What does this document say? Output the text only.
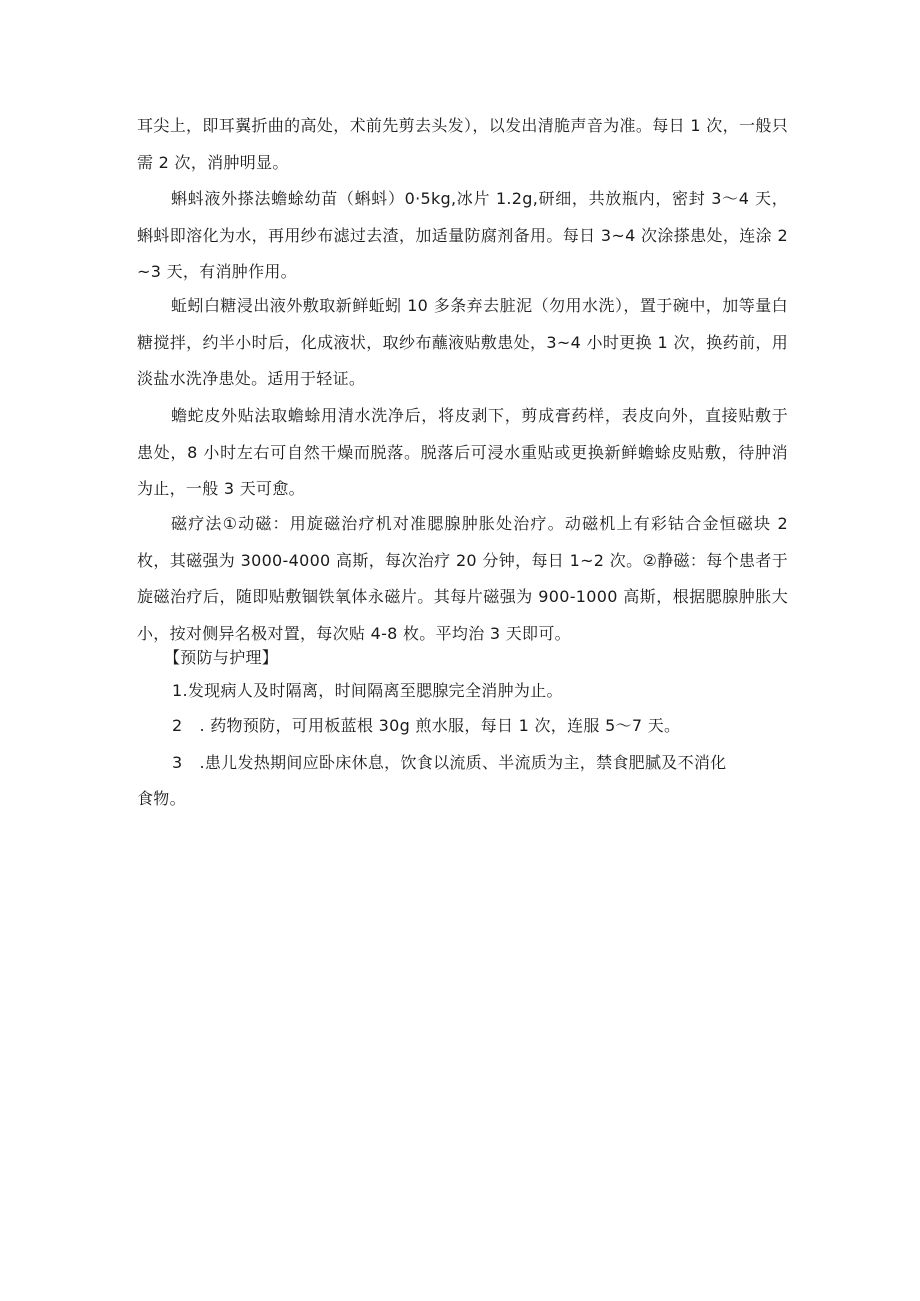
耳尖上，即耳翼折曲的高处，术前先剪去头发），以发出清脆声音为准。每日 1 次，一般只需 2 次，消肿明显。

蝌蚪液外搽法蟾蜍幼苗（蝌蚪）0·5kg,冰片 1.2g,研细，共放瓶内，密封 3～4 天，蝌蚪即溶化为水，再用纱布滤过去渣，加适量防腐剂备用。每日 3~4 次涂搽患处，连涂 2~3 天，有消肿作用。

蚯蚓白糖浸出液外敷取新鲜蚯蚓 10 多条弃去脏泥（勿用水洗），置于碗中，加等量白糖搅拌，约半小时后，化成液状，取纱布蘸液贴敷患处，3~4 小时更换 1 次，换药前，用淡盐水洗净患处。适用于轻证。

蟾蛇皮外贴法取蟾蜍用清水洗净后，将皮剥下，剪成膏药样，表皮向外，直接贴敷于患处，8 小时左右可自然干燥而脱落。脱落后可浸水重贴或更换新鲜蟾蜍皮贴敷，待肿消为止，一般 3 天可愈。

磁疗法①动磁：用旋磁治疗机对准腮腺肿胀处治疗。动磁机上有彩钴合金恒磁块 2 枚，其磁强为 3000-4000 高斯，每次治疗 20 分钟，每日 1~2 次。②静磁：每个患者于旋磁治疗后，随即贴敷锢铁氧体永磁片。其每片磁强为 900-1000 高斯，根据腮腺肿胀大小，按对侧异名极对置，每次贴 4-8 枚。平均治 3 天即可。

【预防与护理】
1.发现病人及时隔离，时间隔离至腮腺完全消肿为止。
2 . 药物预防，可用板蓝根 30g 煎水服，每日 1 次，连服 5～7 天。
3 .患儿发热期间应卧床休息，饮食以流质、半流质为主，禁食肥腻及不消化
食物。
